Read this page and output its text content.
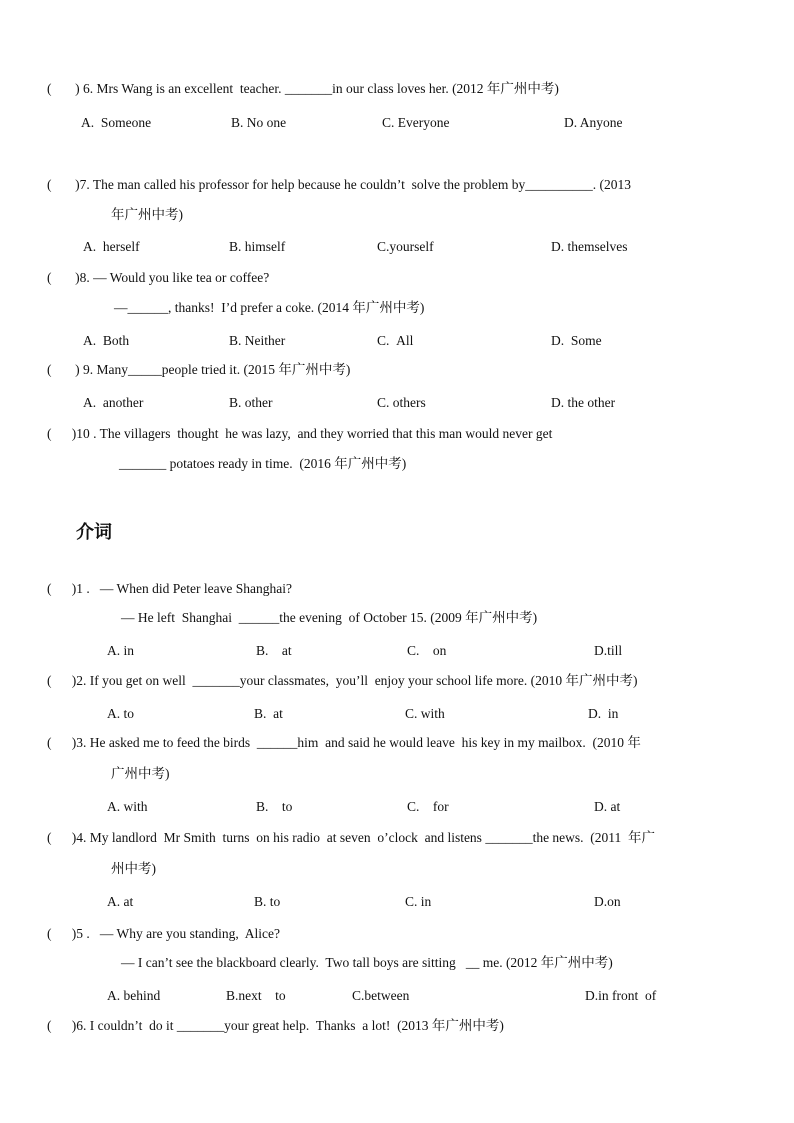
(       ) 6. Mrs Wang is an excellent  teacher. _______in our class loves her. (2012 年广州中考)
A.  Someone	B. No one	C. Everyone	D. Anyone
(       )7. The man called his professor for help because he couldn’t  solve the problem by__________. (2013
年广州中考)
A.  herself	B. himself	C.yourself	D. themselves
(       )8. — Would you like tea or coffee?
—______, thanks!  I’d prefer a coke. (2014 年广州中考)
A.  Both	B. Neither	C.  All	D.  Some
(       ) 9. Many_____people tried it. (2015 年广州中考)
A.  another	B. other	C. others	D. the other
(      )10 . The villagers  thought  he was lazy,  and they worried that this man would never get
_______ potatoes ready in time.  (2016 年广州中考)
介词
(      )1 .   — When did Peter leave Shanghai?
— He left  Shanghai  ______the evening  of October 15. (2009 年广州中考)
A. in	B.    at	C.    on	D.till
(      )2. If you get on well  _______your classmates,  you’ll  enjoy your school life more. (2010 年广州中考)
A. to	B.  at	C. with	D.  in
(      )3. He asked me to feed the birds  ______him  and said he would leave  his key in my mailbox.  (2010 年
广州中考)
A. with	B.    to	C.    for	D. at
(      )4. My landlord  Mr Smith  turns  on his radio  at seven  o’clock  and listens _______the news.  (2011  年广
州中考)
A. at	B. to	C. in	D.on
(      )5 .   — Why are you standing,  Alice?
— I can’t see the blackboard clearly.  Two tall boys are sitting   __ me. (2012 年广州中考)
A. behind	B.next    to	C.between	D.in front  of
(      )6. I couldn’t  do it _______your great help.  Thanks  a lot!  (2013 年广州中考)
